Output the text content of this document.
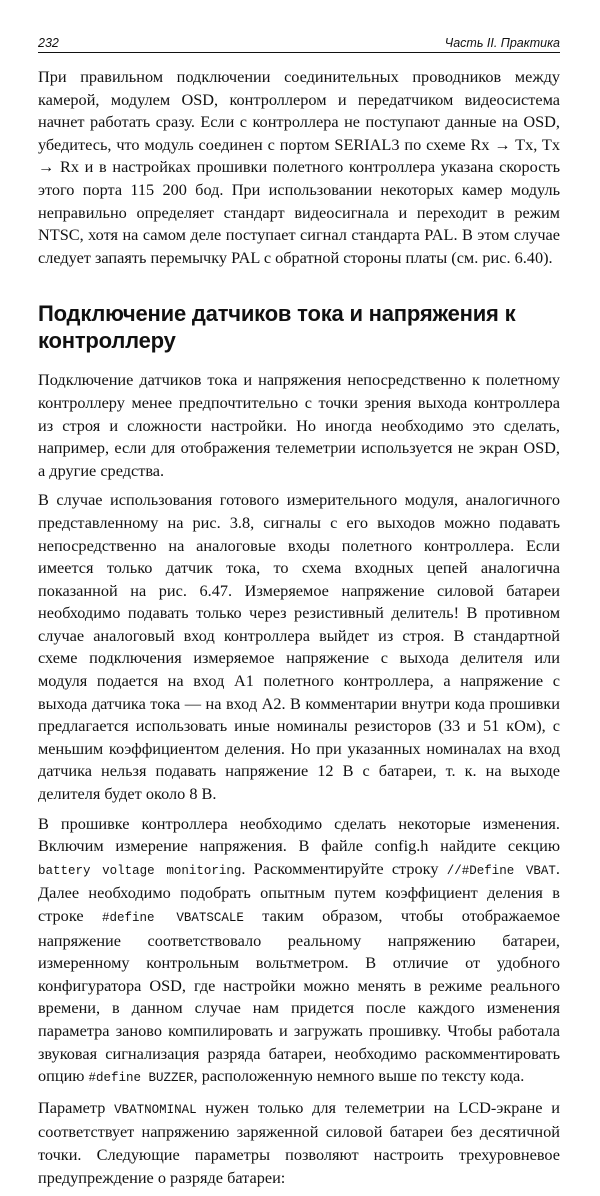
232	Часть II. Практика

При правильном подключении соединительных проводников между камерой, модулем OSD, контроллером и передатчиком видеосистема начнет работать сразу. Если с контроллера не поступают данные на OSD, убедитесь, что модуль соединен с портом SERIAL3 по схеме Rx → Tx, Tx → Rx и в настройках прошивки полетного контроллера указана скорость этого порта 115 200 бод. При использовании некоторых камер модуль неправильно определяет стандарт видеосигнала и переходит в режим NTSC, хотя на самом деле поступает сигнал стандарта PAL. В этом случае следует запаять перемычку PAL с обратной стороны платы (см. рис. 6.40).

Подключение датчиков тока и напряжения к контроллеру

Подключение датчиков тока и напряжения непосредственно к полетному контроллеру менее предпочтительно с точки зрения выхода контроллера из строя и сложности настройки. Но иногда необходимо это сделать, например, если для отображения телеметрии используется не экран OSD, а другие средства.

В случае использования готового измерительного модуля, аналогичного представленному на рис. 3.8, сигналы с его выходов можно подавать непосредственно на аналоговые входы полетного контроллера. Если имеется только датчик тока, то схема входных цепей аналогична показанной на рис. 6.47. Измеряемое напряжение силовой батареи необходимо подавать только через резистивный делитель! В противном случае аналоговый вход контроллера выйдет из строя. В стандартной схеме подключения измеряемое напряжение с выхода делителя или модуля подается на вход A1 полетного контроллера, а напряжение с выхода датчика тока — на вход A2. В комментарии внутри кода прошивки предлагается использовать иные номиналы резисторов (33 и 51 кОм), с меньшим коэффициентом деления. Но при указанных номиналах на вход датчика нельзя подавать напряжение 12 В с батареи, т. к. на выходе делителя будет около 8 В.

В прошивке контроллера необходимо сделать некоторые изменения. Включим измерение напряжения. В файле config.h найдите секцию battery voltage monitoring. Раскомментируйте строку //#Define VBAT. Далее необходимо подобрать опытным путем коэффициент деления в строке #define VBATSCALE таким образом, чтобы отображаемое напряжение соответствовало реальному напряжению батареи, измеренному контрольным вольтметром. В отличие от удобного конфигуратора OSD, где настройки можно менять в режиме реального времени, в данном случае нам придется после каждого изменения параметра заново компилировать и загружать прошивку. Чтобы работала звуковая сигнализация разряда батареи, необходимо раскомментировать опцию #define BUZZER, расположенную немного выше по тексту кода.

Параметр VBATNOMINAL нужен только для телеметрии на LCD-экране и соответствует напряжению заряженной силовой батареи без десятичной точки. Следующие параметры позволяют настроить трехуровневое предупреждение о разряде батареи:
